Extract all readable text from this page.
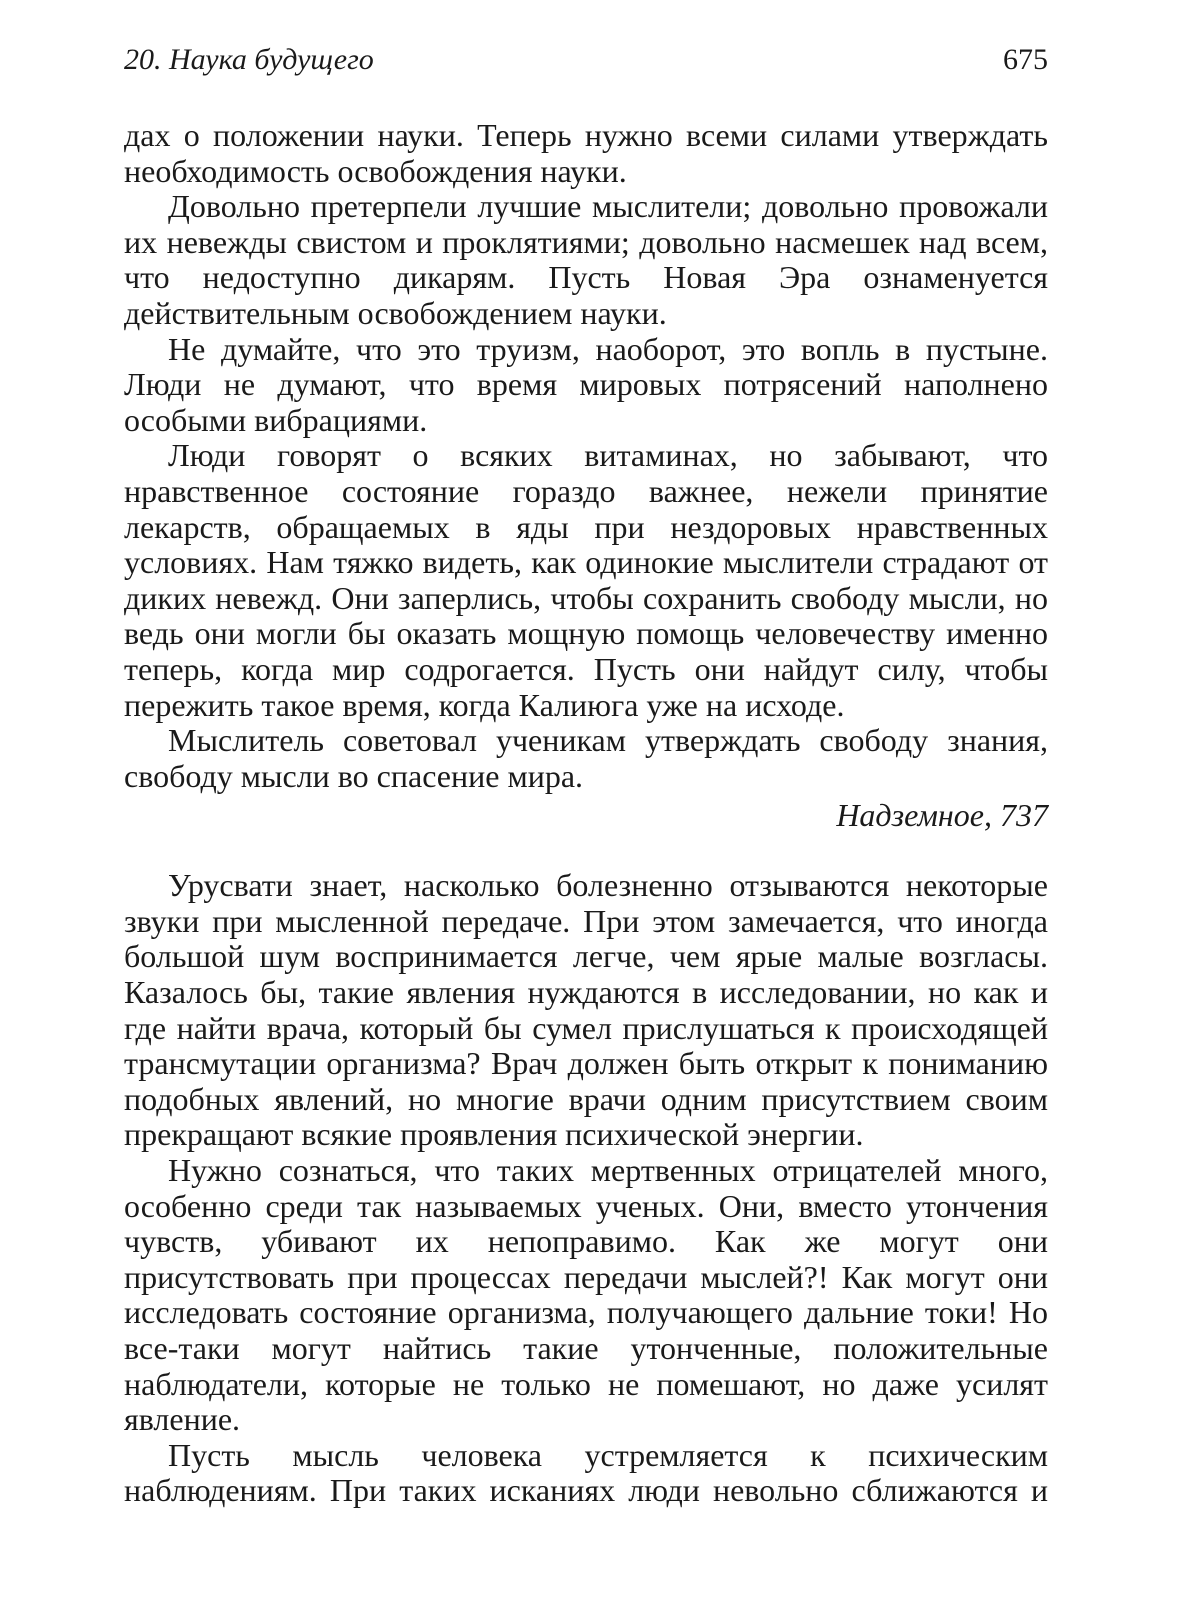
20. Наука будущего	675

дах о положении науки. Теперь нужно всеми силами утверждать необходимость освобождения науки.

Довольно претерпели лучшие мыслители; довольно провожали их невежды свистом и проклятиями; довольно насмешек над всем, что недоступно дикарям. Пусть Новая Эра ознаменуется действительным освобождением науки.

Не думайте, что это труизм, наоборот, это вопль в пустыне. Люди не думают, что время мировых потрясений наполнено особыми вибрациями.

Люди говорят о всяких витаминах, но забывают, что нравственное состояние гораздо важнее, нежели принятие лекарств, обращаемых в яды при нездоровых нравственных условиях. Нам тяжко видеть, как одинокие мыслители страдают от диких невежд. Они заперлись, чтобы сохранить свободу мысли, но ведь они могли бы оказать мощную помощь человечеству именно теперь, когда мир содрогается. Пусть они найдут силу, чтобы пережить такое время, когда Калиюга уже на исходе.

Мыслитель советовал ученикам утверждать свободу знания, свободу мысли во спасение мира.

Надземное, 737

Урусвати знает, насколько болезненно отзываются некоторые звуки при мысленной передаче. При этом замечается, что иногда большой шум воспринимается легче, чем ярые малые возгласы. Казалось бы, такие явления нуждаются в исследовании, но как и где найти врача, который бы сумел прислушаться к происходящей трансмутации организма? Врач должен быть открыт к пониманию подобных явлений, но многие врачи одним присутствием своим прекращают всякие проявления психической энергии.

Нужно сознаться, что таких мертвенных отрицателей много, особенно среди так называемых ученых. Они, вместо утончения чувств, убивают их непоправимо. Как же могут они присутствовать при процессах передачи мыслей?! Как могут они исследовать состояние организма, получающего дальние токи! Но все-таки могут найтись такие утонченные, положительные наблюдатели, которые не только не помешают, но даже усилят явление.

Пусть мысль человека устремляется к психическим наблюдениям. При таких исканиях люди невольно сближаются и
